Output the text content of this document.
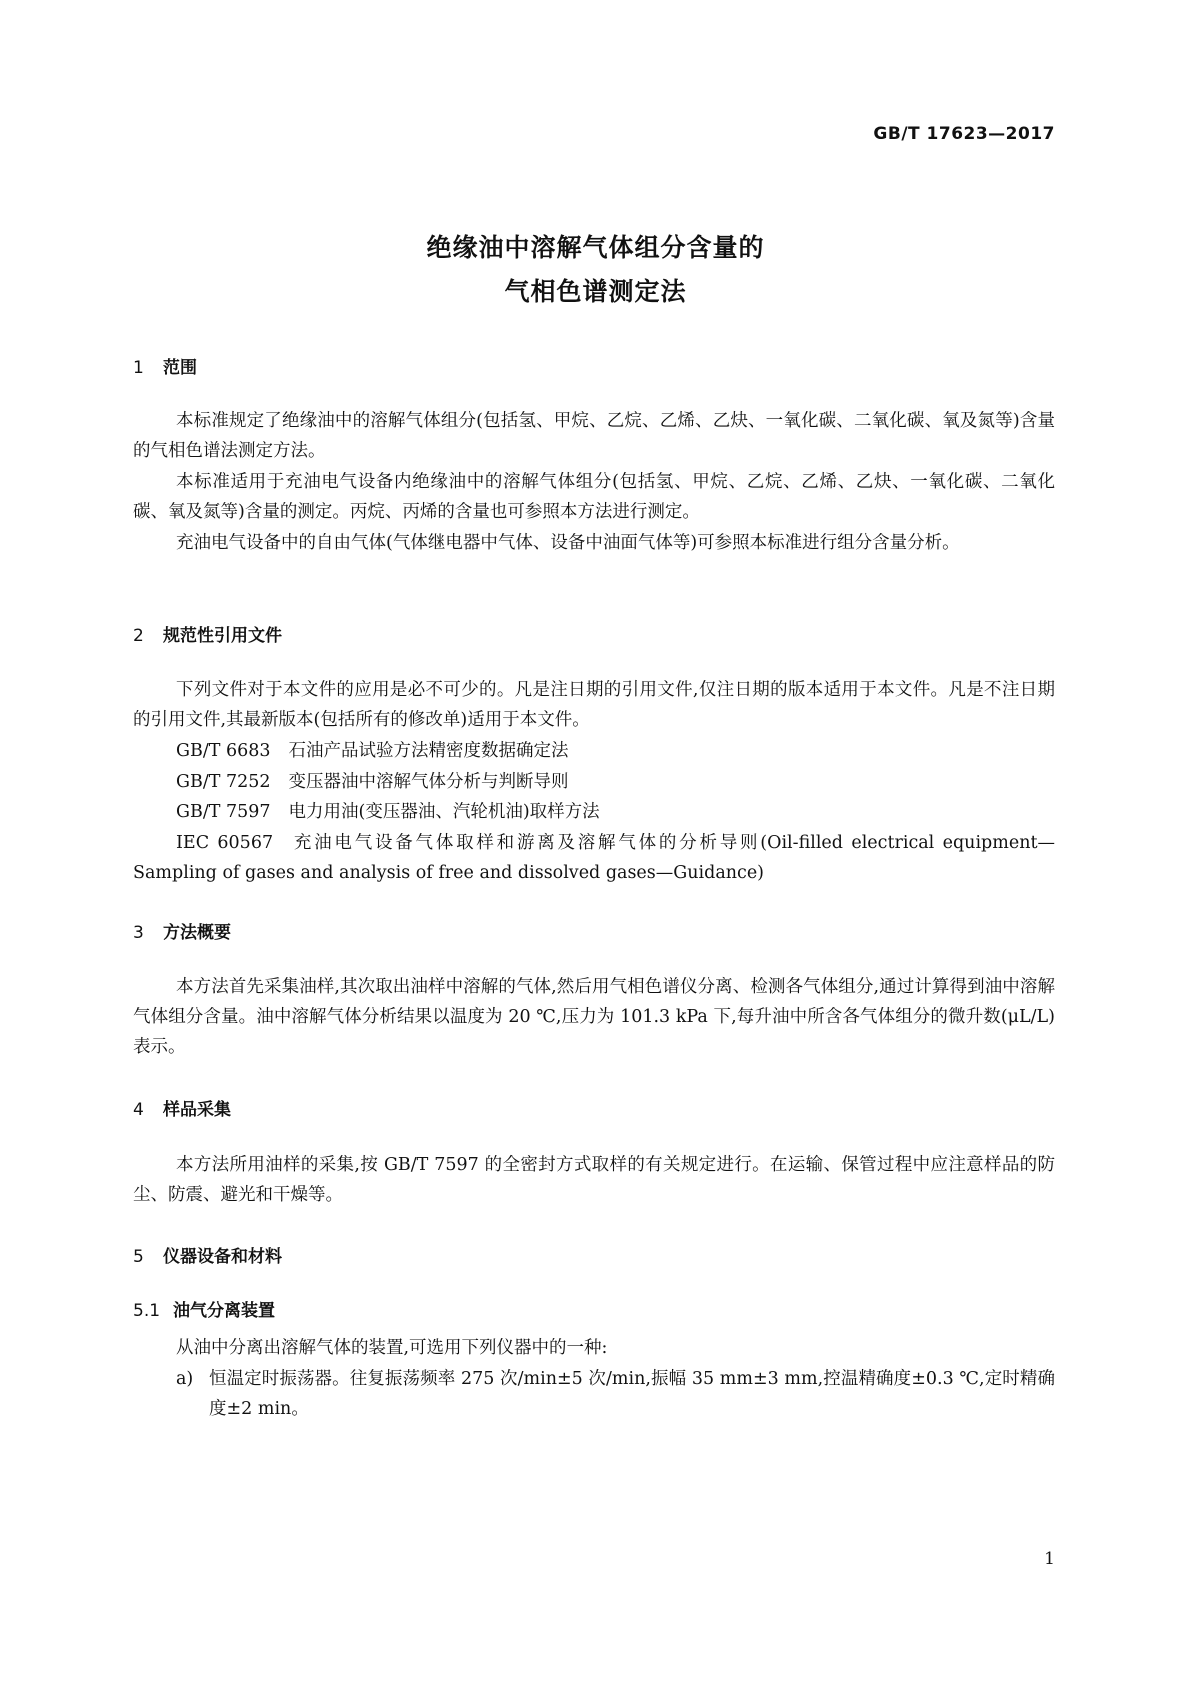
GB/T 17623—2017
绝缘油中溶解气体组分含量的
气相色谱测定法
1 范围
本标准规定了绝缘油中的溶解气体组分(包括氢、甲烷、乙烷、乙烯、乙炔、一氧化碳、二氧化碳、氧及氮等)含量的气相色谱法测定方法。
本标准适用于充油电气设备内绝缘油中的溶解气体组分(包括氢、甲烷、乙烷、乙烯、乙炔、一氧化碳、二氧化碳、氧及氮等)含量的测定。丙烷、丙烯的含量也可参照本方法进行测定。
充油电气设备中的自由气体(气体继电器中气体、设备中油面气体等)可参照本标准进行组分含量分析。
2 规范性引用文件
下列文件对于本文件的应用是必不可少的。凡是注日期的引用文件,仅注日期的版本适用于本文件。凡是不注日期的引用文件,其最新版本(包括所有的修改单)适用于本文件。
GB/T 6683 石油产品试验方法精密度数据确定法
GB/T 7252 变压器油中溶解气体分析与判断导则
GB/T 7597 电力用油(变压器油、汽轮机油)取样方法
IEC 60567 充油电气设备气体取样和游离及溶解气体的分析导则(Oil-filled electrical equipment—Sampling of gases and analysis of free and dissolved gases—Guidance)
3 方法概要
本方法首先采集油样,其次取出油样中溶解的气体,然后用气相色谱仪分离、检测各气体组分,通过计算得到油中溶解气体组分含量。油中溶解气体分析结果以温度为 20 ℃,压力为 101.3 kPa 下,每升油中所含各气体组分的微升数(μL/L)表示。
4 样品采集
本方法所用油样的采集,按 GB/T 7597 的全密封方式取样的有关规定进行。在运输、保管过程中应注意样品的防尘、防震、避光和干燥等。
5 仪器设备和材料
5.1 油气分离装置
从油中分离出溶解气体的装置,可选用下列仪器中的一种:
a) 恒温定时振荡器。往复振荡频率 275 次/min±5 次/min,振幅 35 mm±3 mm,控温精确度±0.3 ℃,定时精确度±2 min。
1
